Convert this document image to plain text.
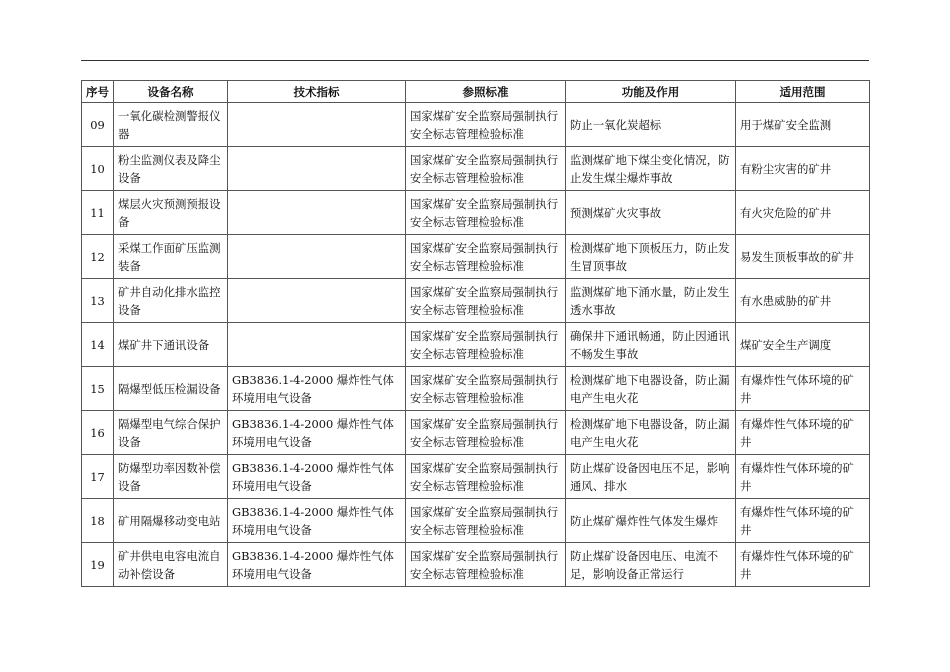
序号	设备名称	技术指标	参照标准	功能及作用	适用范围
09	一氧化碳检测警报仪器		国家煤矿安全监察局强制执行安全标志管理检验标准	防止一氧化炭超标	用于煤矿安全监测
10	粉尘监测仪表及降尘设备		国家煤矿安全监察局强制执行安全标志管理检验标准	监测煤矿地下煤尘变化情况，防止发生煤尘爆炸事故	有粉尘灾害的矿井
11	煤层火灾预测预报设备		国家煤矿安全监察局强制执行安全标志管理检验标准	预测煤矿火灾事故	有火灾危险的矿井
12	采煤工作面矿压监测装备		国家煤矿安全监察局强制执行安全标志管理检验标准	检测煤矿地下顶板压力，防止发生冒顶事故	易发生顶板事故的矿井
13	矿井自动化排水监控设备		国家煤矿安全监察局强制执行安全标志管理检验标准	监测煤矿地下涌水量，防止发生透水事故	有水患威胁的矿井
14	煤矿井下通讯设备		国家煤矿安全监察局强制执行安全标志管理检验标准	确保井下通讯畅通，防止因通讯不畅发生事故	煤矿安全生产调度
15	隔爆型低压检漏设备	GB3836.1-4-2000 爆炸性气体环境用电气设备	国家煤矿安全监察局强制执行安全标志管理检验标准	检测煤矿地下电器设备，防止漏电产生电火花	有爆炸性气体环境的矿井
16	隔爆型电气综合保护设备	GB3836.1-4-2000 爆炸性气体环境用电气设备	国家煤矿安全监察局强制执行安全标志管理检验标准	检测煤矿地下电器设备，防止漏电产生电火花	有爆炸性气体环境的矿井
17	防爆型功率因数补偿设备	GB3836.1-4-2000 爆炸性气体环境用电气设备	国家煤矿安全监察局强制执行安全标志管理检验标准	防止煤矿设备因电压不足，影响通风、排水	有爆炸性气体环境的矿井
18	矿用隔爆移动变电站	GB3836.1-4-2000 爆炸性气体环境用电气设备	国家煤矿安全监察局强制执行安全标志管理检验标准	防止煤矿爆炸性气体发生爆炸	有爆炸性气体环境的矿井
19	矿井供电电容电流自动补偿设备	GB3836.1-4-2000 爆炸性气体环境用电气设备	国家煤矿安全监察局强制执行安全标志管理检验标准	防止煤矿设备因电压、电流不足，影响设备正常运行	有爆炸性气体环境的矿井
